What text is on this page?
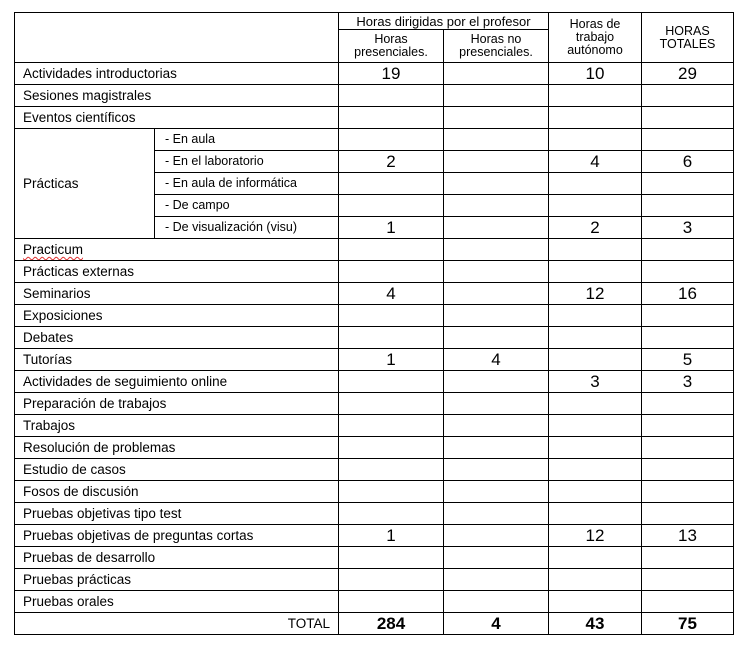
		Horas dirigidas por el profesor		Horas de trabajo autónomo	HORAS TOTALES

		Horas presenciales.	Horas no presenciales.		

Actividades introductorias		19		10	29
Sesiones magistrales					
Eventos científicos					
Prácticas	- En aula				
	- En el laboratorio	2		4	6
	- En aula de informática				
	- De campo				
	- De visualización (visu)	1		2	3
Practicum					
Prácticas externas					
Seminarios		4		12	16
Exposiciones					
Debates					
Tutorías		1	4		5
Actividades de seguimiento online				3	3
Preparación de trabajos					
Trabajos					
Resolución de problemas					
Estudio de casos					
Fosos de discusión					
Pruebas objetivas tipo test					
Pruebas objetivas de preguntas cortas		1		12	13
Pruebas de desarrollo					
Pruebas prácticas					
Pruebas orales					
TOTAL		284	4	43	75
